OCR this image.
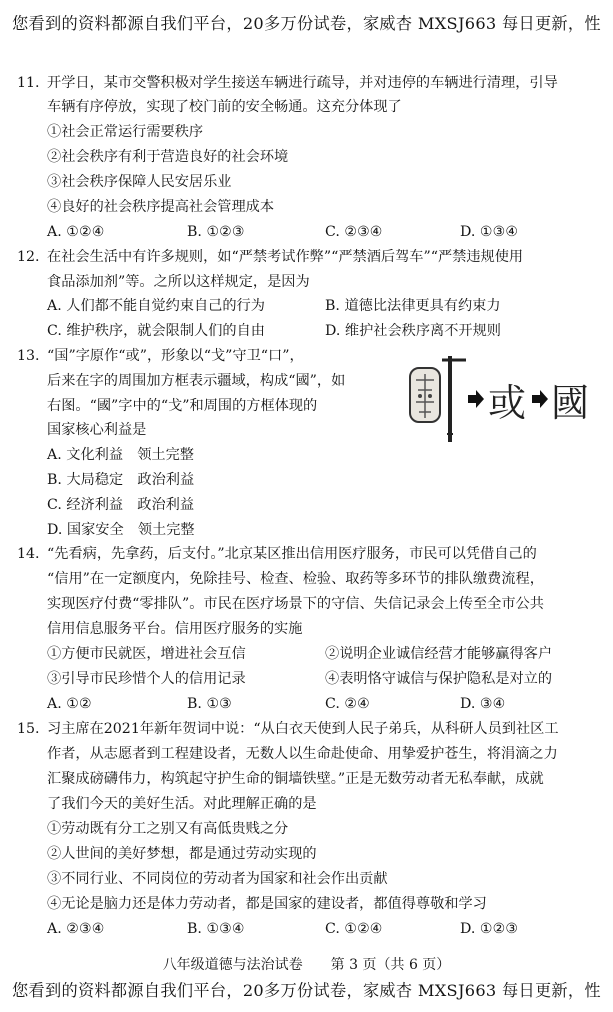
您看到的资料都源自我们平台，20多万份试卷，家威杏 MXSJ663 每日更新，性
11. 开学日，某市交警积极对学生接送车辆进行疏导，并对违停的车辆进行清理，引导
车辆有序停放，实现了校门前的安全畅通。这充分体现了
①社会正常运行需要秩序
②社会秩序有利于营造良好的社会环境
③社会秩序保障人民安居乐业
④良好的社会秩序提高社会管理成本
A. ①②④	B. ①②③	C. ②③④	D. ①③④
12. 在社会生活中有许多规则，如“严禁考试作弊”“严禁酒后驾车”“严禁违规使用
食品添加剂”等。之所以这样规定，是因为
A. 人们都不能自觉约束自己的行为	B. 道德比法律更具有约束力
C. 维护秩序，就会限制人们的自由	D. 维护社会秩序离不开规则
13. “国”字原作“或”，形象以“戈”守卫“口”，
后来在字的周围加方框表示疆域，构成“國”，如
右图。“國”字中的“戈”和周围的方框体现的
国家核心利益是
A. 文化利益　领土完整
B. 大局稳定　政治利益
C. 经济利益　政治利益
D. 国家安全　领土完整
或 國
14. “先看病，先拿药，后支付。”北京某区推出信用医疗服务，市民可以凭借自己的
“信用”在一定额度内，免除挂号、检查、检验、取药等多环节的排队缴费流程，
实现医疗付费“零排队”。市民在医疗场景下的守信、失信记录会上传至全市公共
信用信息服务平台。信用医疗服务的实施
①方便市民就医，增进社会互信	②说明企业诚信经营才能够赢得客户
③引导市民珍惜个人的信用记录	④表明恪守诚信与保护隐私是对立的
A. ①②	B. ①③	C. ②④	D. ③④
15. 习主席在2021年新年贺词中说：“从白衣天使到人民子弟兵，从科研人员到社区工
作者，从志愿者到工程建设者，无数人以生命赴使命、用挚爱护苍生，将涓滴之力
汇聚成磅礴伟力，构筑起守护生命的铜墙铁壁。”正是无数劳动者无私奉献，成就
了我们今天的美好生活。对此理解正确的是
①劳动既有分工之别又有高低贵贱之分
②人世间的美好梦想，都是通过劳动实现的
③不同行业、不同岗位的劳动者为国家和社会作出贡献
④无论是脑力还是体力劳动者，都是国家的建设者，都值得尊敬和学习
A. ②③④	B. ①③④	C. ①②④	D. ①②③
八年级道德与法治试卷　　第 3 页（共 6 页）
您看到的资料都源自我们平台，20多万份试卷，家威杏 MXSJ663 每日更新，性
